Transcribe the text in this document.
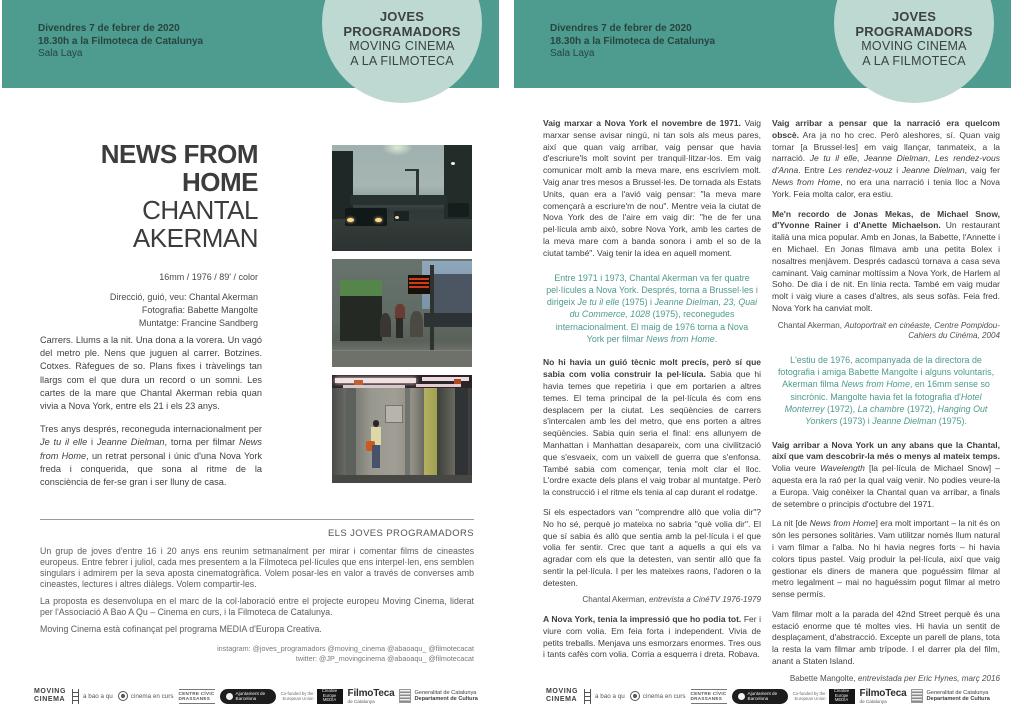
Divendres 7 de febrer de 2020
18.30h a la Filmoteca de Catalunya
Sala Laya
JOVES
PROGRAMADORS
MOVING CINEMA
A LA FILMOTECA
NEWS FROM
HOME
CHANTAL
AKERMAN
16mm / 1976 / 89' / color
Direcció, guió, veu: Chantal Akerman
Fotografia: Babette Mangolte
Muntatge: Francine Sandberg

Carrers. Llums a la nit. Una dona a la vorera. Un vagó del metro ple. Nens que juguen al carrer. Botzines. Cotxes. Ràfegues de so. Plans fixes i tràvelings tan llargs com el que dura un record o un somni. Les cartes de la mare que Chantal Akerman rebia quan vivia a Nova York, entre els 21 i els 23 anys.

Tres anys després, reconeguda internacionalment per Je tu il elle i Jeanne Dielman, torna per filmar News from Home, un retrat personal i únic d'una Nova York freda i conquerida, que sona al ritme de la consciència de fer-se gran i ser lluny de casa.

ELS JOVES PROGRAMADORS

Un grup de joves d'entre 16 i 20 anys ens reunim setmanalment per mirar i comentar films de cineastes europeus. Entre febrer i juliol, cada mes presentem a la Filmoteca pel·lícules que ens interpel·len, ens semblen singulars i admirem per la seva aposta cinematogràfica. Volem posar-les en valor a través de converses amb cineastes, lectures i altres diàlegs. Volem compartir-les.

La proposta es desenvolupa en el marc de la col·laboració entre el projecte europeu Moving Cinema, liderat per l'Associació A Bao A Qu – Cinema en curs, i la Filmoteca de Catalunya.

Moving Cinema està cofinançat pel programa MEDIA d'Europa Creativa.

instagram: @joves_programadors @moving_cinema @abaoaqu_ @filmotecacat
twitter: @JP_movingcinema @abaoaqu_ @filmotecacat
MOVING
CINEMA	a bao a qu	cinema en curs CENTRE CÍVIC
DRASSANES
Ajuntament de Barcelona
Co-funded by the
European Union
Creative Europe MEDIA
FilmoTeca
de Catalunya
Generalitat de Catalunya
Departament de Cultura
Divendres 7 de febrer de 2020
18.30h a la Filmoteca de Catalunya
Sala Laya
JOVES
PROGRAMADORS
MOVING CINEMA
A LA FILMOTECA

Vaig marxar a Nova York el novembre de 1971. Vaig marxar sense avisar ningú, ni tan sols als meus pares, així que quan vaig arribar, vaig pensar que havia d'escriure'ls molt sovint per tranquil·litzar-los. Em vaig comunicar molt amb la meva mare, ens escrivíem molt. Vaig anar tres mesos a Brussel·les. De tornada als Estats Units, quan era a l'avió vaig pensar: "la meva mare començarà a escriure'm de nou". Mentre veia la ciutat de Nova York des de l'aire em vaig dir: "he de fer una pel·lícula amb això, sobre Nova York, amb les cartes de la meva mare com a banda sonora i amb el so de la ciutat també". Vaig tenir la idea en aquell moment.

Entre 1971 i 1973, Chantal Akerman va fer quatre pel·lícules a Nova York. Després, torna a Brussel·les i dirigeix Je tu il elle (1975) i Jeanne Dielman, 23, Quai du Commerce, 1028 (1975), reconegudes internacionalment. El maig de 1976 torna a Nova York per filmar News from Home.

No hi havia un guió tècnic molt precís, però sí que sabia com volia construir la pel·lícula. Sabia que hi havia temes que repetiria i que em portarien a altres temes. El tema principal de la pel·lícula és com ens desplacem per la ciutat. Les seqüències de carrers s'intercalen amb les del metro, que ens porten a altres seqüències. Sabia quin seria el final: ens allunyem de Manhattan i Manhattan desapareix, com una civilització que s'esvaeix, com un vaixell de guerra que s'enfonsa. També sabia com començar, tenia molt clar el lloc. L'ordre exacte dels plans el vaig trobar al muntatge. Però la construcció i el ritme els tenia al cap durant el rodatge.

Si els espectadors van "comprendre allò que volia dir"? No ho sé, perquè jo mateixa no sabria "què volia dir". El que sí sabia és allò que sentia amb la pel·lícula i el que volia fer sentir. Crec que tant a aquells a qui els va agradar com els que la detesten, van sentir allò que fa sentir la pel·lícula. I per les mateixes raons, l'adoren o la detesten.

Chantal Akerman, entrevista a CinéTV 1976-1979

A Nova York, tenia la impressió que ho podia tot. Fer i viure com volia. Em feia forta i independent. Vivia de petits treballs. Menjava uns esmorzars enormes. Tres ous i tants cafès com volia. Corria a esquerra i dreta. Robava.

Vaig arribar a pensar que la narració era quelcom obscè. Ara ja no ho crec. Però aleshores, sí. Quan vaig tornar [a Brussel·les] em vaig llançar, tanmateix, a la narració. Je tu il elle, Jeanne Dielman, Les rendez-vous d'Anna. Entre Les rendez-vouz i Jeanne Dielman, vaig fer News from Home, no era una narració i tenia lloc a Nova York. Feia molta calor, era estiu.

Me'n recordo de Jonas Mekas, de Michael Snow, d'Yvonne Rainer i d'Anette Michaelson. Un restaurant italià una mica popular. Amb en Jonas, la Babette, l'Annette i en Michael. En Jonas filmava amb una petita Bolex i nosaltres menjàvem. Després cadascú tornava a casa seva caminant. Vaig caminar moltíssim a Nova York, de Harlem al Soho. De dia i de nit. En línia recta. També em vaig mudar molt i vaig viure a cases d'altres, als seus sofàs. Feia fred. Nova York ha canviat molt.

Chantal Akerman, Autoportrait en cinéaste, Centre Pompidou-Cahiers du Cinéma, 2004
L'estiu de 1976, acompanyada de la directora de fotografia i amiga Babette Mangolte i alguns voluntaris, Akerman filma News from Home, en 16mm sense so sincrònic. Mangolte havia fet la fotografia d'Hotel Monterrey (1972), La chambre (1972), Hanging Out Yonkers (1973) i Jeanne Dielman (1975).

Vaig arribar a Nova York un any abans que la Chantal, així que vam descobrir-la més o menys al mateix temps. Volia veure Wavelength [la pel·lícula de Michael Snow] – aquesta era la raó per la qual vaig venir. No podies veure-la a Europa. Vaig conèixer la Chantal quan va arribar, a finals de setembre o principis d'octubre del 1971.

La nit [de News from Home] era molt important – la nit és on són les persones solitàries. Vam utilitzar només llum natural i vam filmar a l'alba. No hi havia negres forts – hi havia colors tipus pastel. Vaig produir la pel·lícula, així que vaig gestionar els diners de manera que poguéssim filmar al metro legalment – mai no haguéssim pogut filmar al metro sense permís.

Vam filmar molt a la parada del 42nd Street perquè és una estació enorme que té moltes vies. Hi havia un sentit de desplaçament, d'abstracció. Excepte un parell de plans, tota la resta la vam filmar amb trípode. I el darrer pla del film, anant a Staten Island.

Babette Mangolte, entrevistada per Eric Hynes, març 2016
MOVING
CINEMA	a bao a qu	cinema en curs CENTRE CÍVIC
DRASSANES
Ajuntament de Barcelona
Co-funded by the
European Union
Creative Europe MEDIA
FilmoTeca
de Catalunya
Generalitat de Catalunya
Departament de Cultura
